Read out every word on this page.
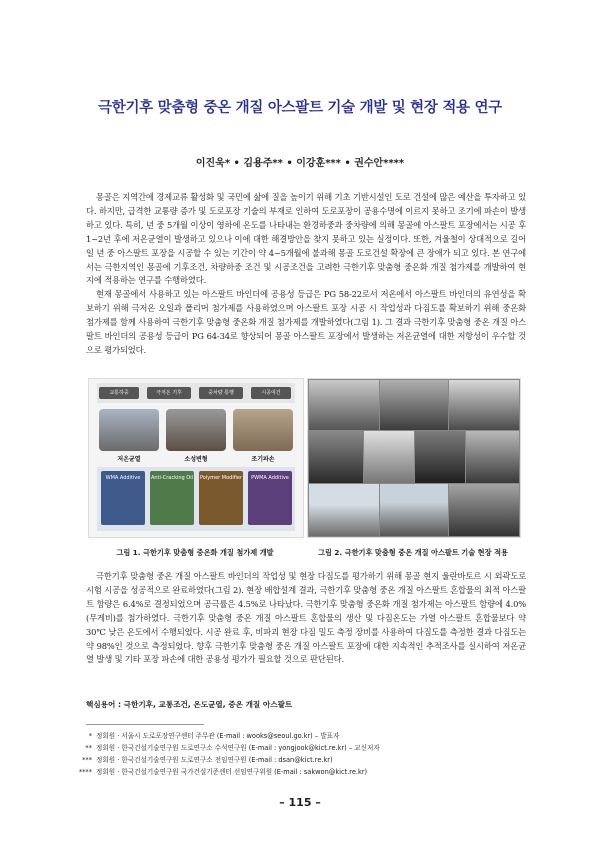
극한기후 맞춤형 중온 개질 아스팔트 기술 개발 및 현장 적용 연구
이진욱* • 김용주** • 이강훈*** • 권수안****

몽골은 지역간에 경제교류 활성화 및 국민에 삶에 질을 높이기 위해 기초 기반시설인 도로 건설에 많은 예산을 투자하고 있다. 하지만, 급격한 교통량 증가 및 도로포장 기술의 부재로 인하여 도로포장이 공용수명에 이르지 못하고 조기에 파손이 발생하고 있다. 특히, 년 중 5개월 이상이 영하에 온도를 나타내는 환경하중과 중차량에 의해 몽골에 아스팔트 포장에서는 시공 후 1~2년 후에 저온균열이 발생하고 있으나 이에 대한 해결방안을 찾지 못하고 있는 실정이다. 또한, 겨울철이 상대적으로 길어 일 년 중 아스팔트 포장을 시공할 수 있는 기간이 약 4~5개월에 불과해 몽골 도로건설 확장에 큰 장애가 되고 있다. 본 연구에서는 극한지역인 몽골에 기후조건, 차량하중 조건 및 시공조건을 고려한 극한기후 맞춤형 중온화 개질 첨가제를 개발하여 현지에 적용하는 연구를 수행하였다.

현재 몽골에서 사용하고 있는 아스팔트 바인더에 공용성 등급은 PG 58-22로서 저온에서 아스팔트 바인더의 유연성을 확보하기 위해 극저온 오일과 폴리머 첨가제를 사용하였으며 아스팔트 포장 시공 시 작업성과 다짐도를 확보하기 위해 중온화 첨가제를 함께 사용하여 극한기후 맞춤형 중온화 개질 첨가제를 개발하였다(그림 1). 그 결과 극한기후 맞춤형 중온 개질 아스팔트 바인더의 공용성 등급이 PG 64-34로 향상되어 몽골 아스팔트 포장에서 발생하는 저온균열에 대한 저항성이 우수할 것으로 평가되었다.

교통하중	극저온 기후	중차량 통행	시공여건
저온균열	소성변형	조기파손
WMA Additive	Anti-Cracking Oil Polymer Modifier	PWMA Additive
그림 1. 극한기후 맞춤형 중온화 개질 첨가제 개발	그림 2. 극한기후 맞춤형 중온 개질 아스팔트 기술 현장 적용

극한기후 맞춤형 중온 개질 아스팔트 바인더의 작업성 및 현장 다짐도를 평가하기 위해 몽골 현지 울란바토르 시 외곽도로 시험 시공을 성공적으로 완료하였다(그림 2). 현장 배합설계 결과, 극한기후 맞춤형 중온 개질 아스팔트 혼합물의 최적 아스팔트 함량은 6.4%로 결정되었으며 공극률은 4.5%로 나타났다. 극한기후 맞춤형 중온화 개질 첨가제는 아스팔트 함량에 4.0%(무게비)를 첨가하였다. 극한기후 맞춤형 중온 개질 아스팔트 혼합물의 생산 및 다짐온도는 가열 아스팔트 혼합물보다 약 30℃ 낮은 온도에서 수행되었다. 시공 완료 후, 비파괴 현장 다짐 밀도 측정 장비를 사용하여 다짐도를 측정한 결과 다짐도는 약 98%인 것으로 측정되었다. 향후 극한기후 맞춤형 중온 개질 아스팔트 포장에 대한 지속적인 추적조사를 실시하여 저온균열 발생 및 기타 포장 파손에 대한 공용성 평가가 필요할 것으로 판단된다.

핵심용어 : 극한기후, 교통조건, 온도균열, 중온 개질 아스팔트
* 정회원 · 서울시 도로포장연구센터 주무관 (E-mail : wooks@seoul.go.kr) – 발표자
** 정회원 · 한국건설기술연구원 도로연구소 수석연구원 (E-mail : yongjook@kict.re.kr) – 교신저자
*** 정회원 · 한국건설기술연구원 도로연구소 전임연구원 (E-mail : dsan@kict.re.kr)
**** 정회원 · 한국건설기술연구원 국가건설기준센터 선임연구위원 (E-mail : sakwon@kict.re.kr)
– 115 –
